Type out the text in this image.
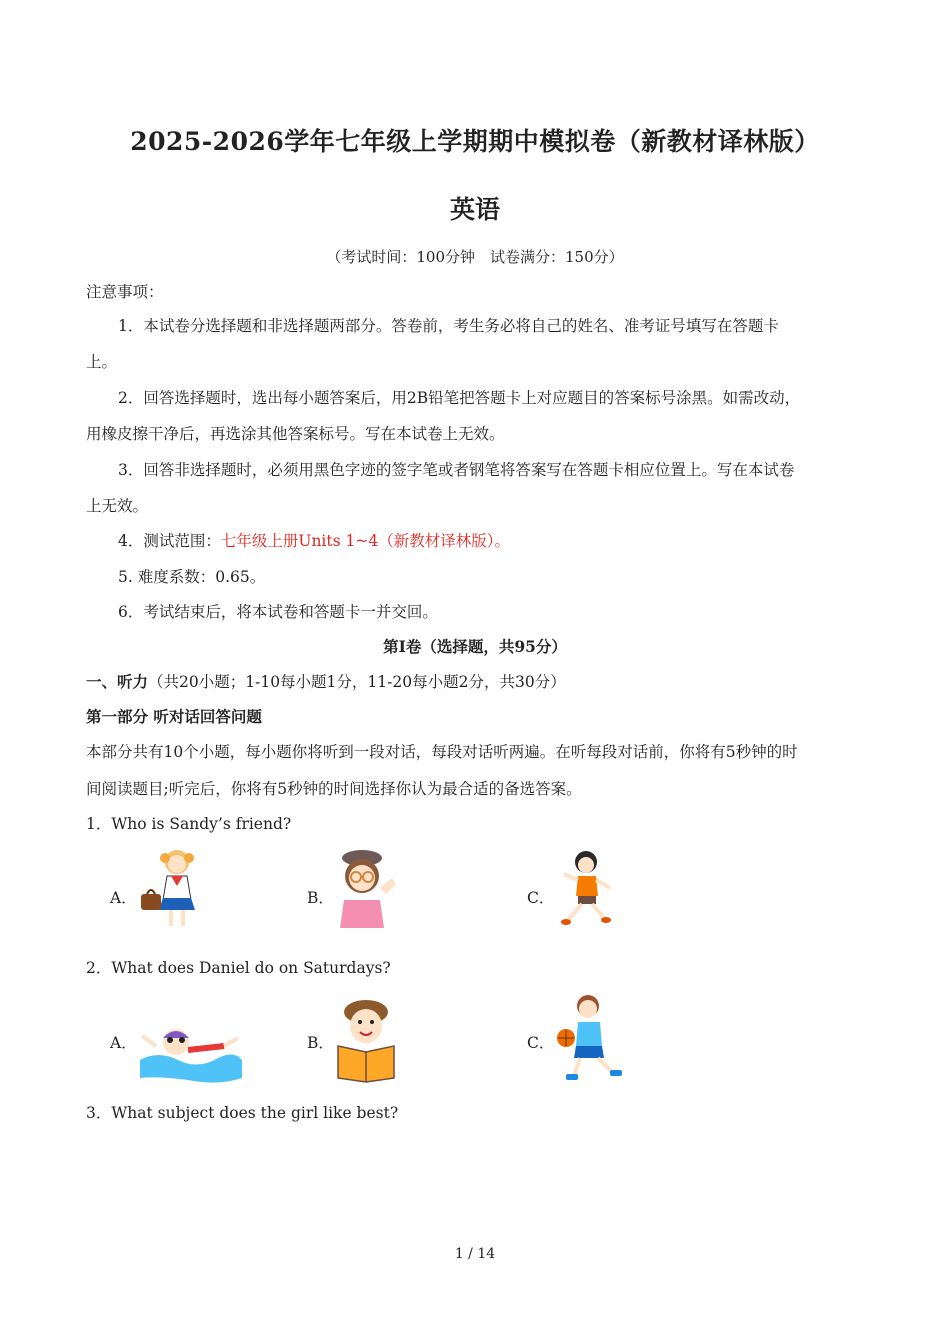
2025-2026学年七年级上学期期中模拟卷（新教材译林版）
英语
（考试时间：100分钟　试卷满分：150分）
注意事项：
1．本试卷分选择题和非选择题两部分。答卷前，考生务必将自己的姓名、准考证号填写在答题卡
上。
2．回答选择题时，选出每小题答案后，用2B铅笔把答题卡上对应题目的答案标号涂黑。如需改动，
用橡皮擦干净后，再选涂其他答案标号。写在本试卷上无效。
3．回答非选择题时，必须用黑色字迹的签字笔或者钢笔将答案写在答题卡相应位置上。写在本试卷
上无效。
4．测试范围：七年级上册Units 1~4（新教材译林版）。
5. 难度系数：0.65。
6．考试结束后，将本试卷和答题卡一并交回。
第I卷（选择题，共95分）
一、听力（共20小题；1-10每小题1分，11-20每小题2分，共30分）
第一部分 听对话回答问题
本部分共有10个小题，每小题你将听到一段对话，每段对话听两遍。在听每段对话前，你将有5秒钟的时
间阅读题目;听完后，你将有5秒钟的时间选择你认为最合适的备选答案。
1．Who is Sandy’s friend?
A．	B．	C．
2．What does Daniel do on Saturdays?
A．	B．	C．
3．What subject does the girl like best?
1 / 14
